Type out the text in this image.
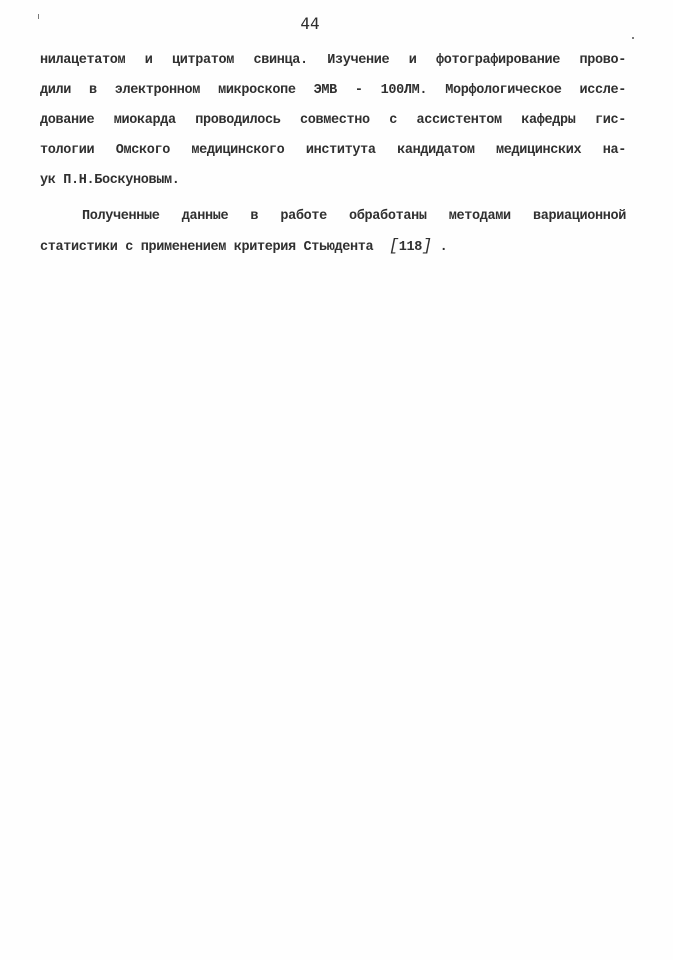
44
нилацетатом и цитратом свинца. Изучение и фотографирование прово-
дили в электронном микроскопе ЭМВ - 100ЛМ. Морфологическое иссле-
дование миокарда проводилось совместно с ассистентом кафедры гис-
тологии Омского медицинского института кандидатом медицинских на-
ук П.Н.Боскуновым.
Полученные данные в работе обработаны методами вариационной
статистики с применением критерия Стьюдента [118] .
